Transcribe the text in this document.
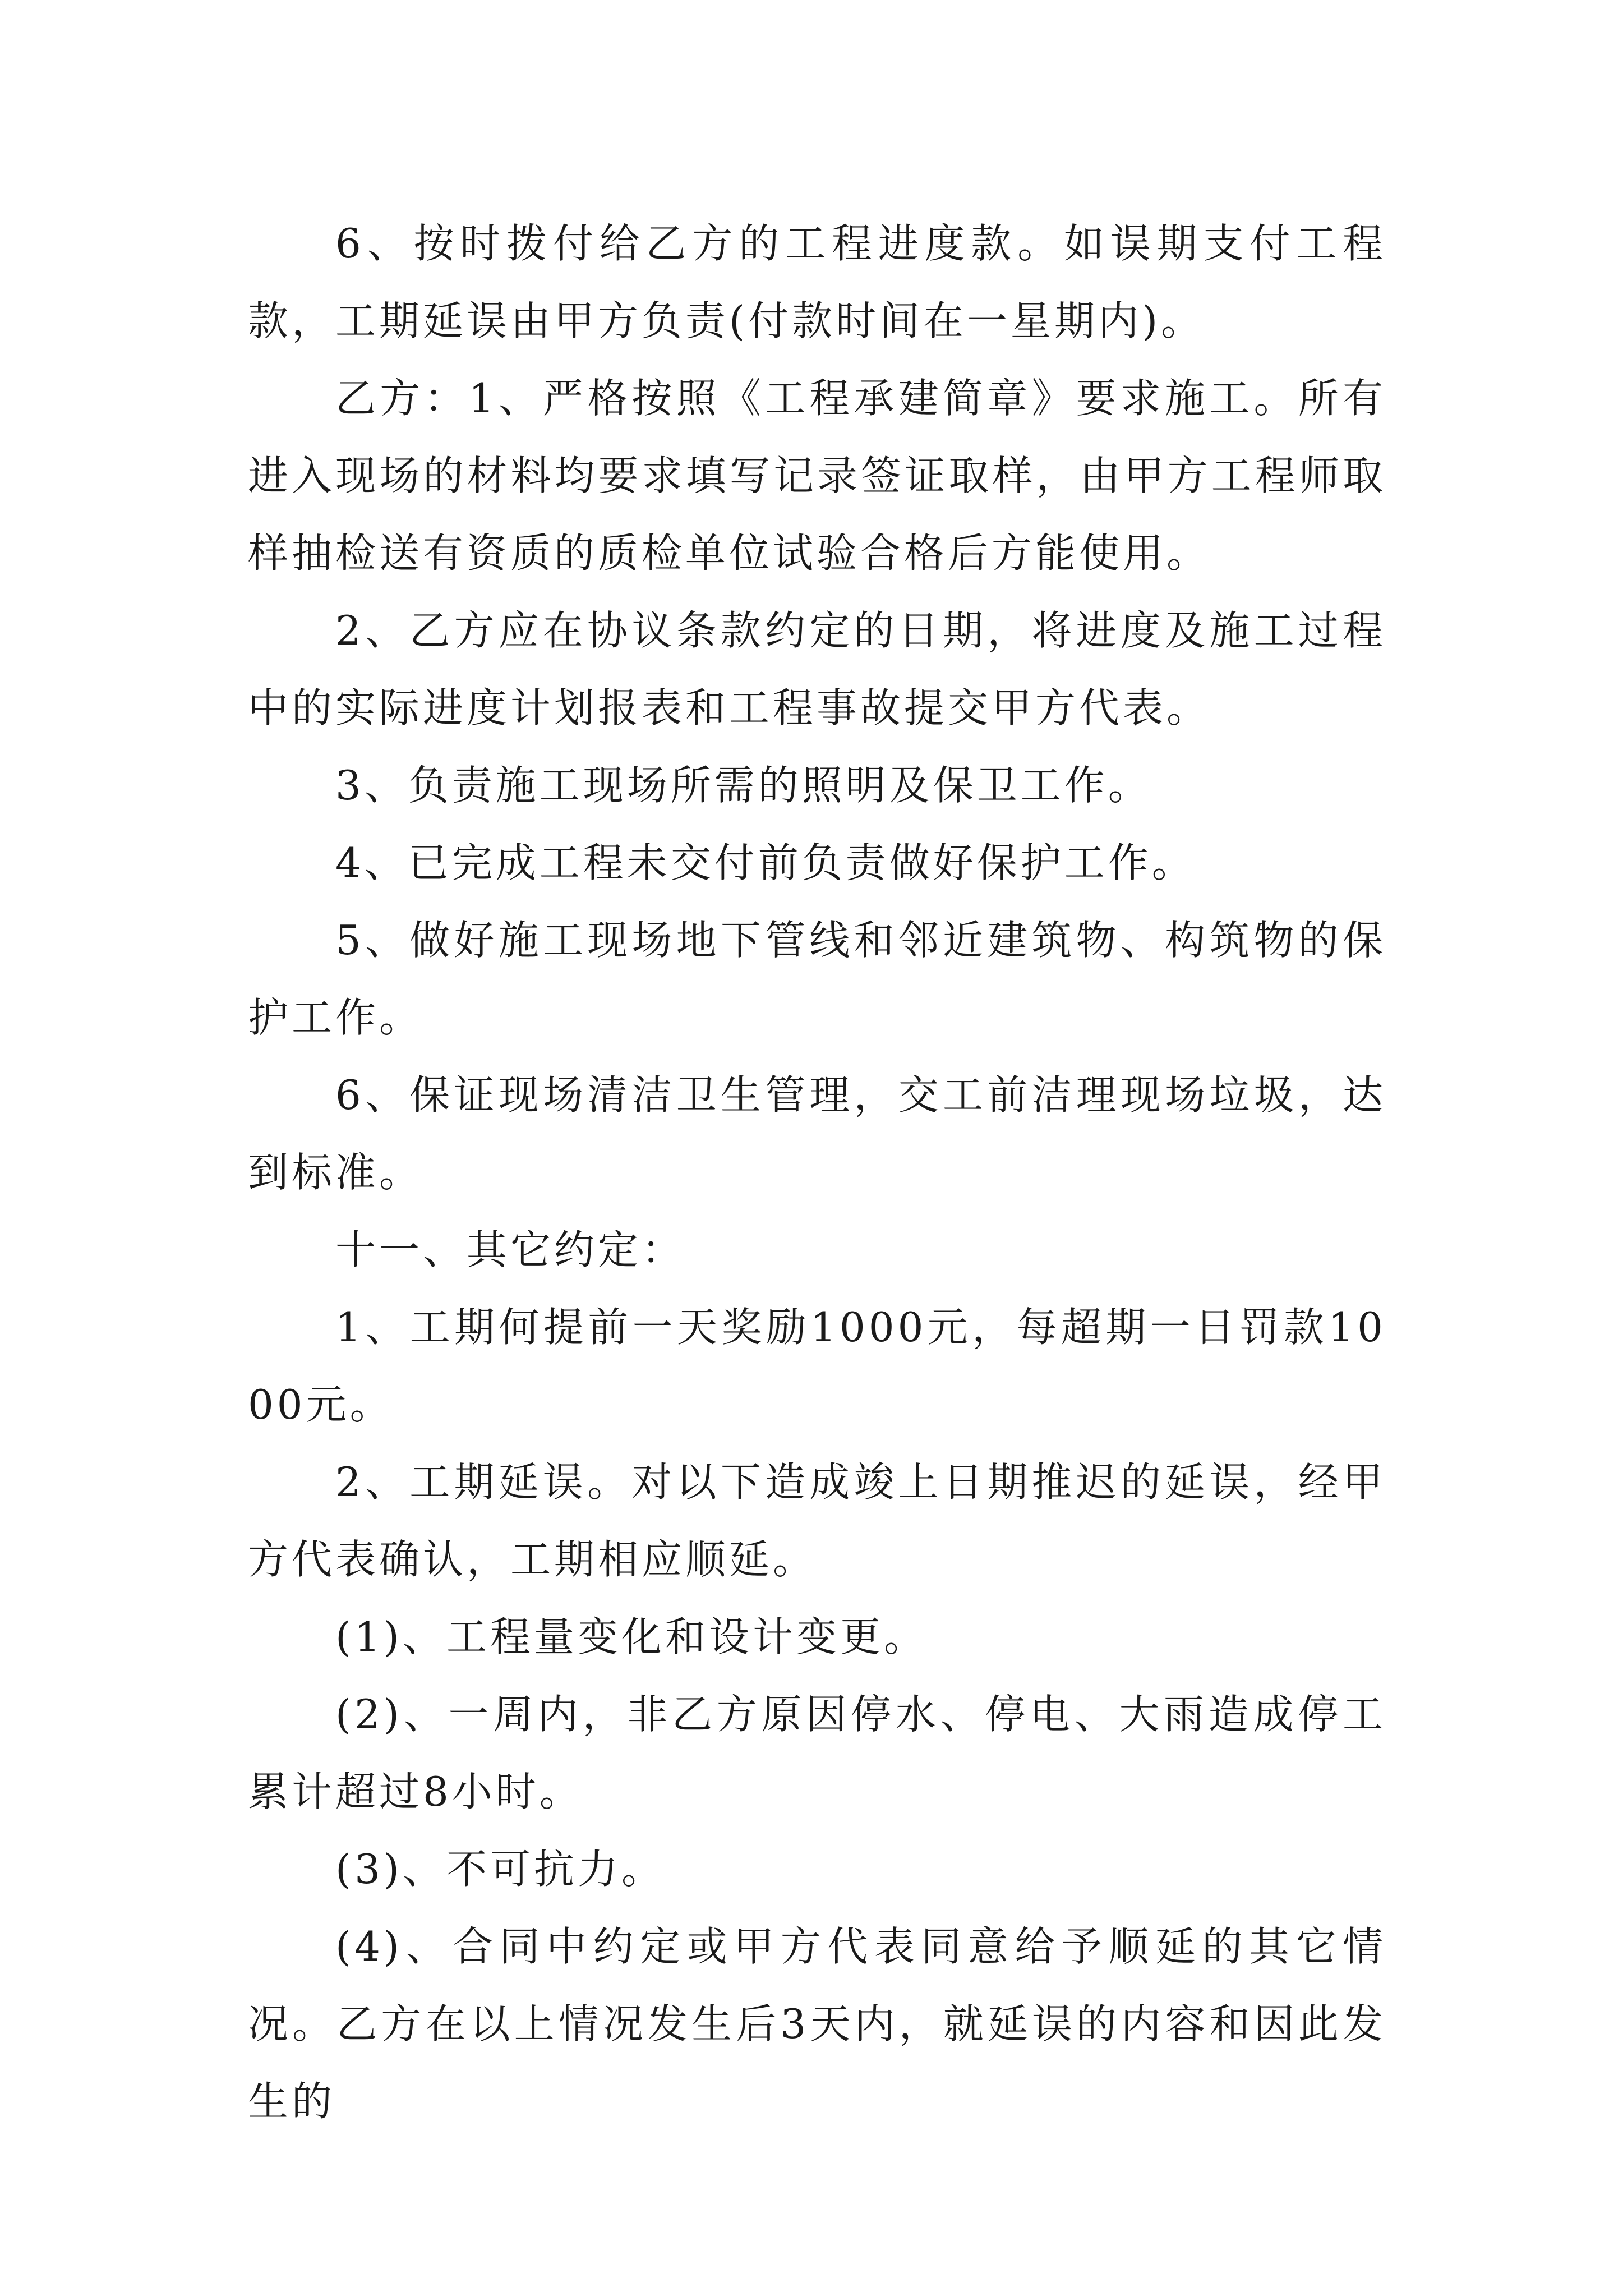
6、按时拨付给乙方的工程进度款。如误期支付工程款，工期延误由甲方负责(付款时间在一星期内)。

乙方：1、严格按照《工程承建简章》要求施工。所有进入现场的材料均要求填写记录签证取样，由甲方工程师取样抽检送有资质的质检单位试验合格后方能使用。

2、乙方应在协议条款约定的日期，将进度及施工过程中的实际进度计划报表和工程事故提交甲方代表。

3、负责施工现场所需的照明及保卫工作。

4、已完成工程未交付前负责做好保护工作。

5、做好施工现场地下管线和邻近建筑物、构筑物的保护工作。

6、保证现场清洁卫生管理，交工前洁理现场垃圾，达到标准。

十一、其它约定：

1、工期何提前一天奖励1000元，每超期一日罚款1000元。

2、工期延误。对以下造成竣上日期推迟的延误，经甲方代表确认，工期相应顺延。

(1)、工程量变化和设计变更。

(2)、一周内，非乙方原因停水、停电、大雨造成停工累计超过8小时。

(3)、不可抗力。

(4)、合同中约定或甲方代表同意给予顺延的其它情况。乙方在以上情况发生后3天内，就延误的内容和因此发生的
